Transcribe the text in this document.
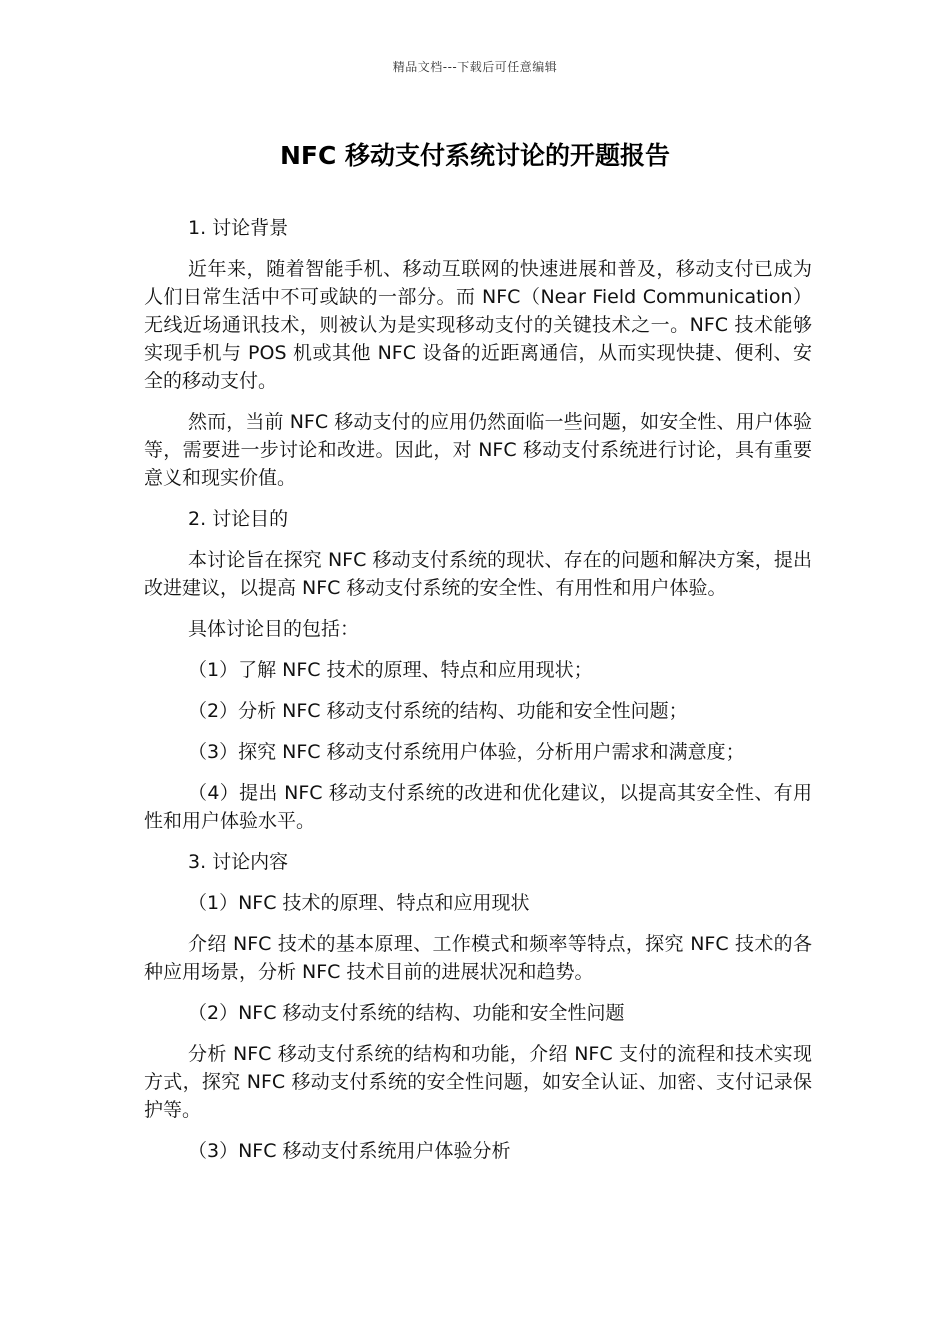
精品文档---下载后可任意编辑
NFC 移动支付系统讨论的开题报告

1. 讨论背景

近年来，随着智能手机、移动互联网的快速进展和普及，移动支付已成为人们日常生活中不可或缺的一部分。而 NFC（Near Field Communication）无线近场通讯技术，则被认为是实现移动支付的关键技术之一。NFC 技术能够实现手机与 POS 机或其他 NFC 设备的近距离通信，从而实现快捷、便利、安全的移动支付。

然而，当前 NFC 移动支付的应用仍然面临一些问题，如安全性、用户体验等，需要进一步讨论和改进。因此，对 NFC 移动支付系统进行讨论，具有重要意义和现实价值。

2. 讨论目的

本讨论旨在探究 NFC 移动支付系统的现状、存在的问题和解决方案，提出改进建议，以提高 NFC 移动支付系统的安全性、有用性和用户体验。

具体讨论目的包括：

（1）了解 NFC 技术的原理、特点和应用现状；

（2）分析 NFC 移动支付系统的结构、功能和安全性问题；

（3）探究 NFC 移动支付系统用户体验，分析用户需求和满意度；

（4）提出 NFC 移动支付系统的改进和优化建议，以提高其安全性、有用性和用户体验水平。

3. 讨论内容

（1）NFC 技术的原理、特点和应用现状

介绍 NFC 技术的基本原理、工作模式和频率等特点，探究 NFC 技术的各种应用场景，分析 NFC 技术目前的进展状况和趋势。

（2）NFC 移动支付系统的结构、功能和安全性问题

分析 NFC 移动支付系统的结构和功能，介绍 NFC 支付的流程和技术实现方式，探究 NFC 移动支付系统的安全性问题，如安全认证、加密、支付记录保护等。

（3）NFC 移动支付系统用户体验分析
